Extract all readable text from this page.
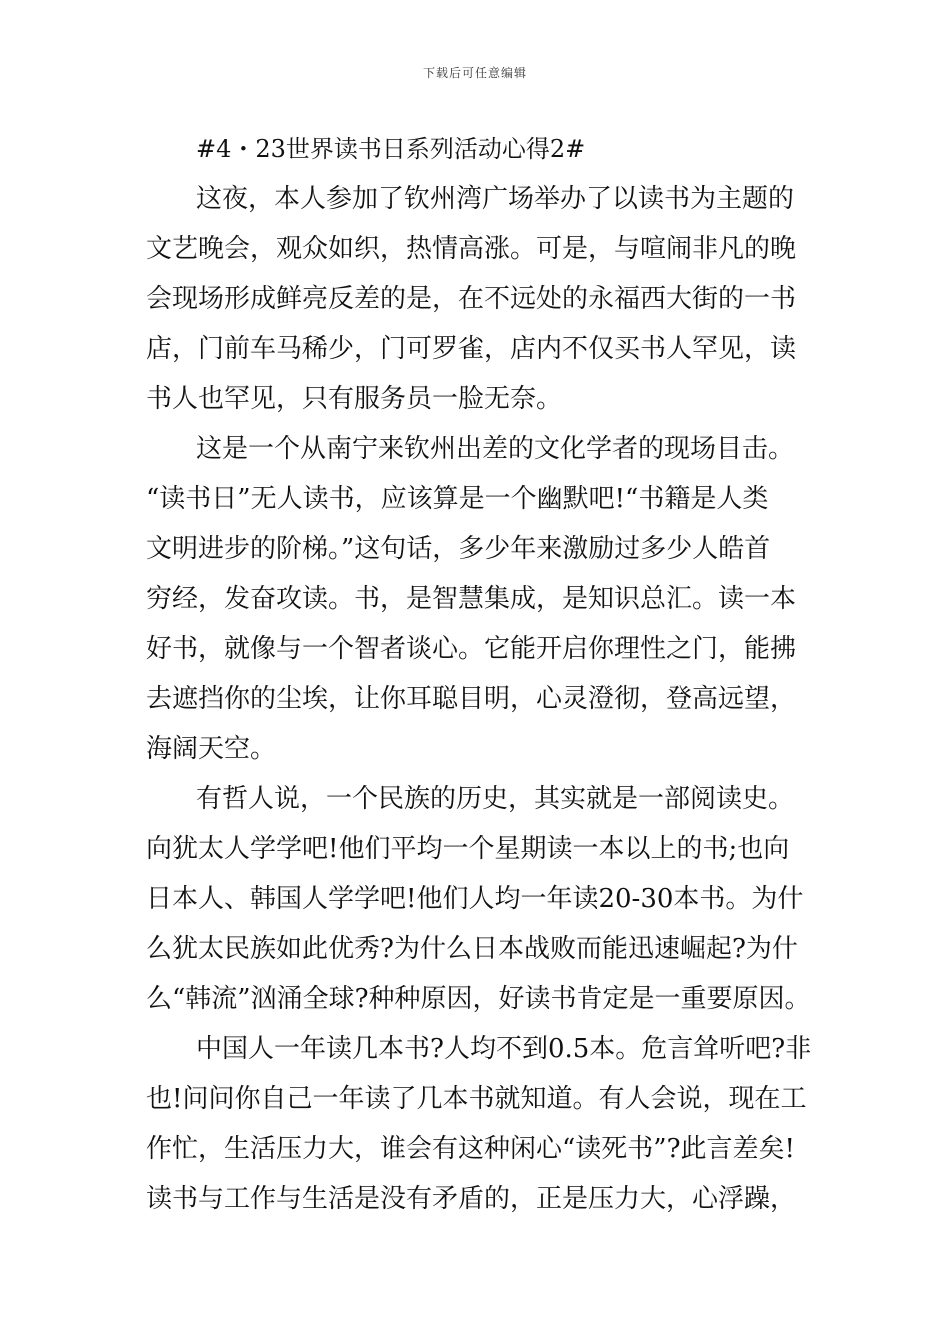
下载后可任意编辑
#4・23世界读书日系列活动心得2#
这夜，本人参加了钦州湾广场举办了以读书为主题的
文艺晚会，观众如织，热情高涨。可是，与喧闹非凡的晚
会现场形成鲜亮反差的是，在不远处的永福西大街的一书
店，门前车马稀少，门可罗雀，店内不仅买书人罕见，读
书人也罕见，只有服务员一脸无奈。
这是一个从南宁来钦州出差的文化学者的现场目击。
“读书日”无人读书，应该算是一个幽默吧!“书籍是人类
文明进步的阶梯。”这句话，多少年来激励过多少人皓首
穷经，发奋攻读。书，是智慧集成，是知识总汇。读一本
好书，就像与一个智者谈心。它能开启你理性之门，能拂
去遮挡你的尘埃，让你耳聪目明，心灵澄彻，登高远望，
海阔天空。
有哲人说，一个民族的历史，其实就是一部阅读史。
向犹太人学学吧!他们平均一个星期读一本以上的书;也向
日本人、韩国人学学吧!他们人均一年读20-30本书。为什
么犹太民族如此优秀?为什么日本战败而能迅速崛起?为什
么“韩流”汹涌全球?种种原因，好读书肯定是一重要原因。
中国人一年读几本书?人均不到0.5本。危言耸听吧?非
也!问问你自己一年读了几本书就知道。有人会说，现在工
作忙，生活压力大，谁会有这种闲心“读死书”?此言差矣!
读书与工作与生活是没有矛盾的，正是压力大，心浮躁，
